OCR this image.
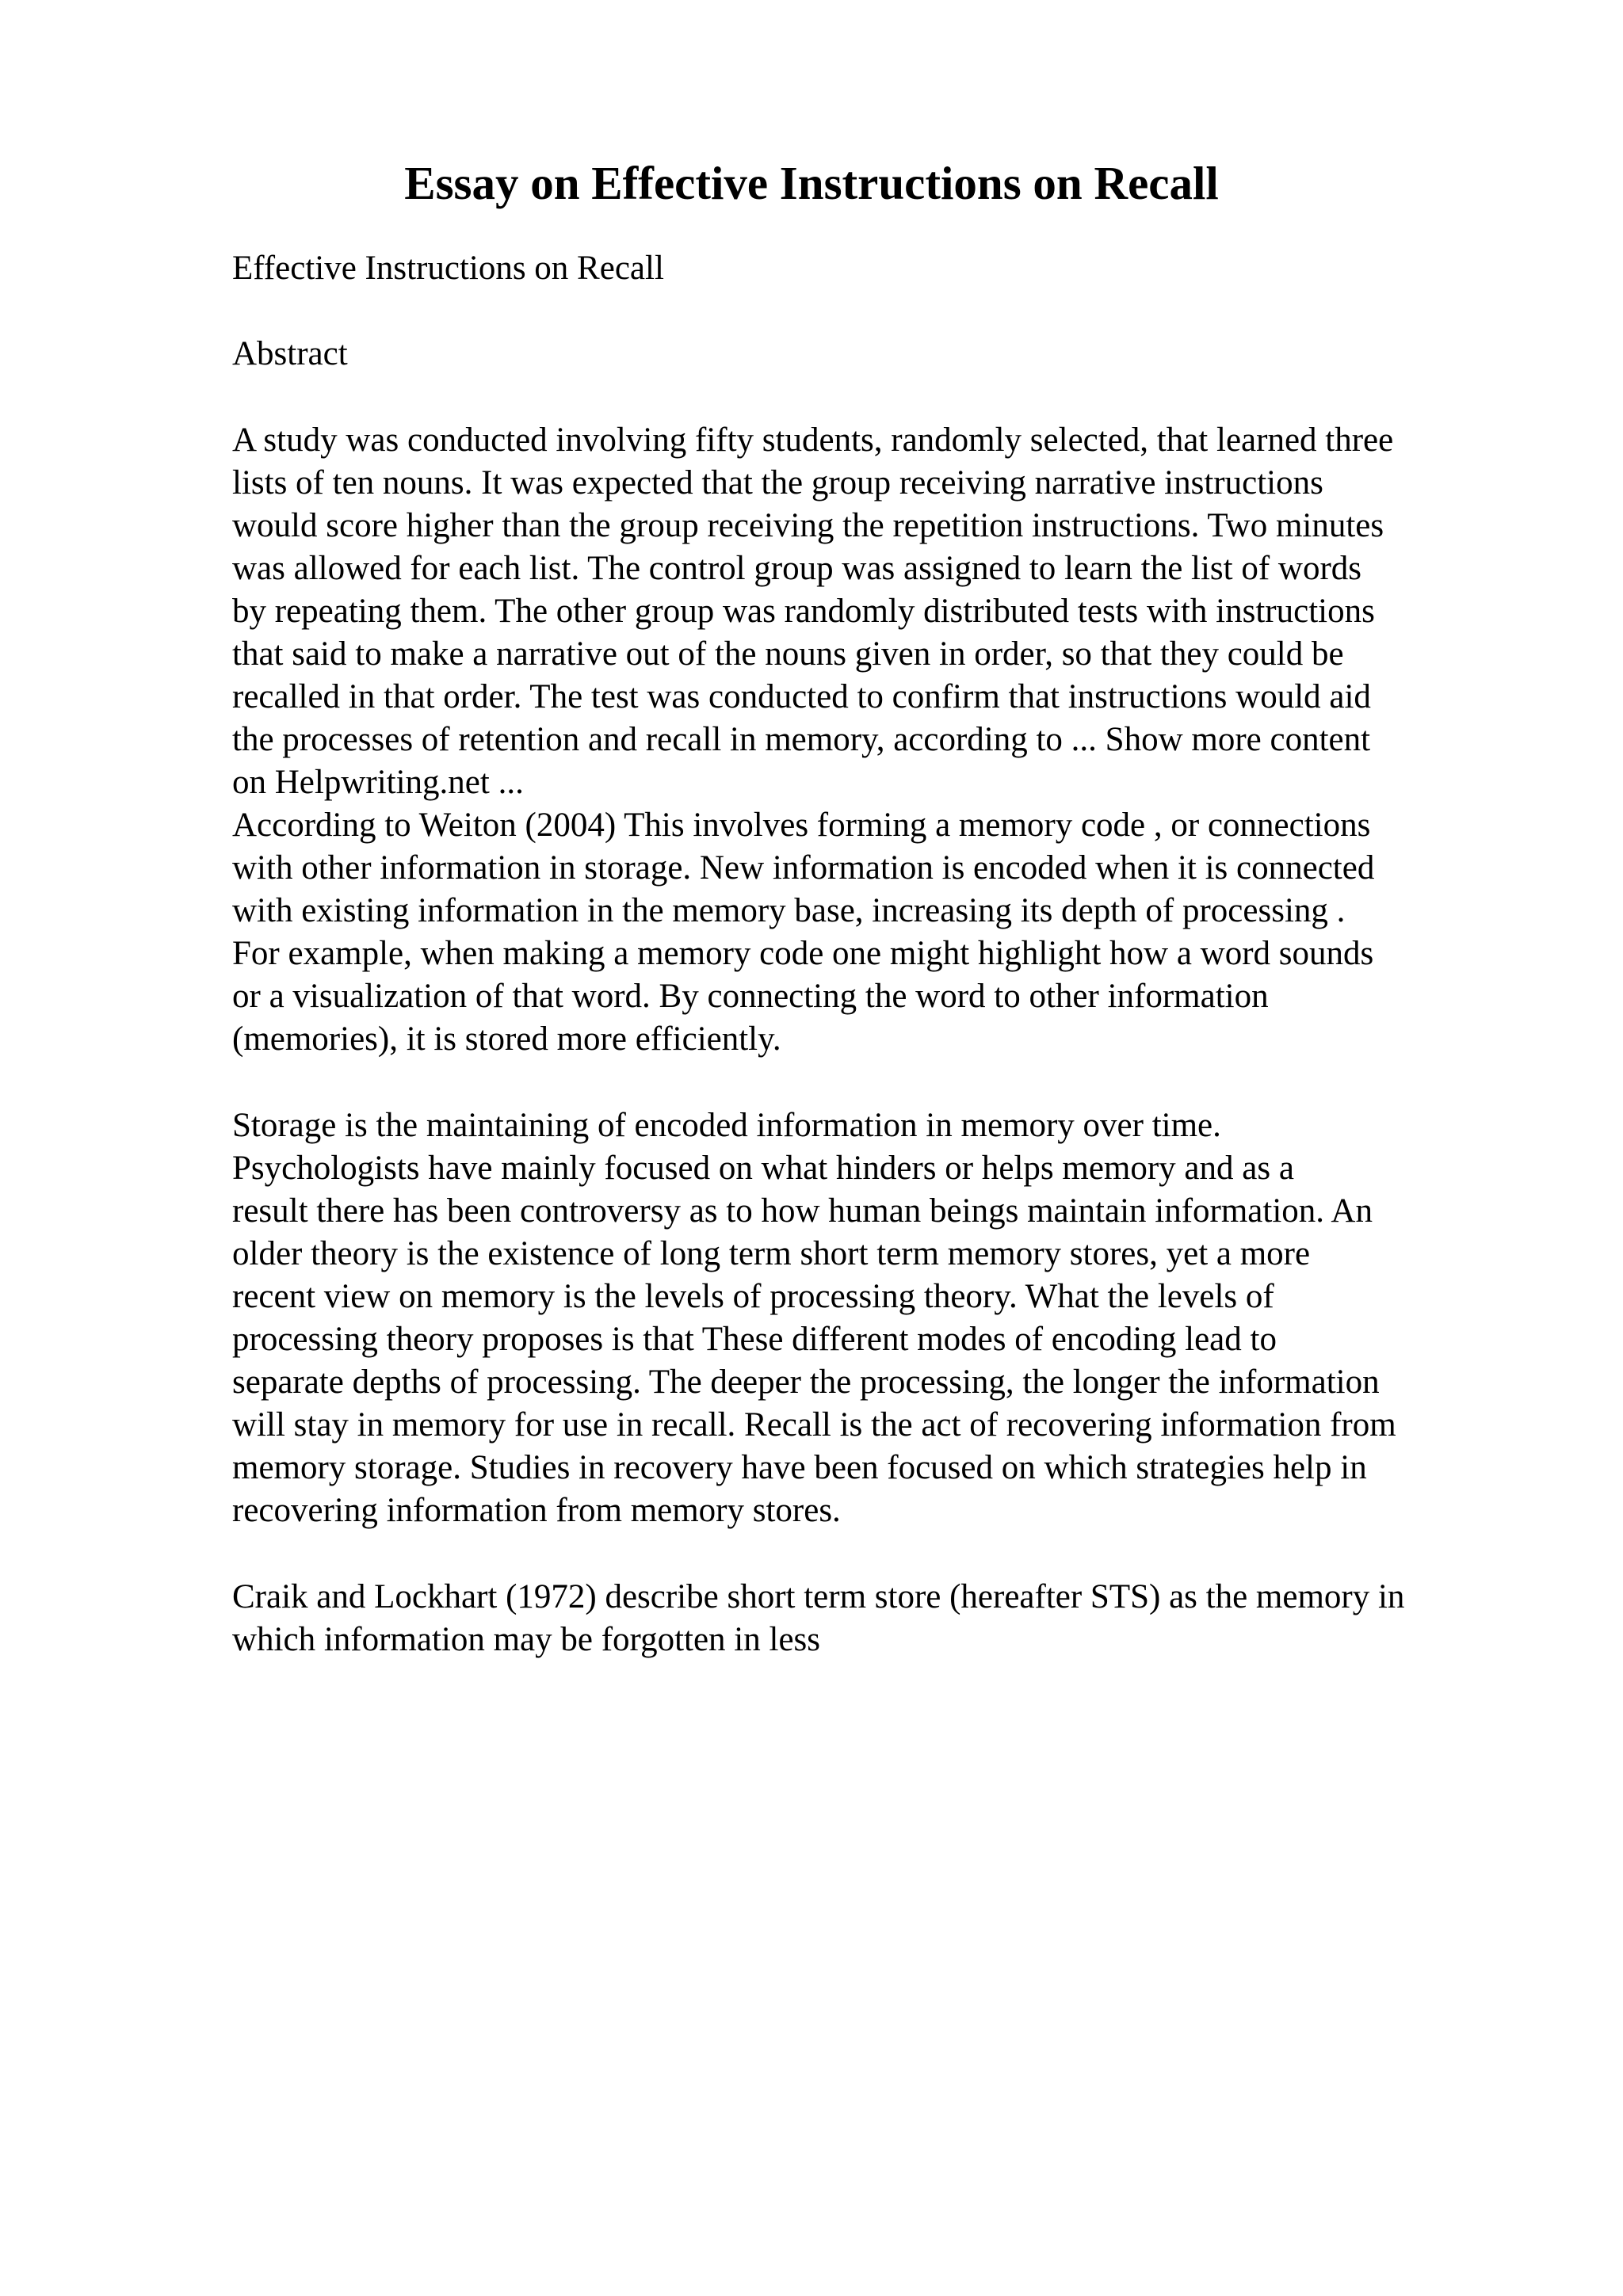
Essay on Effective Instructions on Recall

Effective Instructions on Recall

Abstract

A study was conducted involving fifty students, randomly selected, that learned three

lists of ten nouns. It was expected that the group receiving narrative instructions

would score higher than the group receiving the repetition instructions. Two minutes

was allowed for each list. The control group was assigned to learn the list of words

by repeating them. The other group was randomly distributed tests with instructions

that said to make a narrative out of the nouns given in order, so that they could be

recalled in that order. The test was conducted to confirm that instructions would aid

the processes of retention and recall in memory, according to ... Show more content

on Helpwriting.net ...

According to Weiton (2004) This involves forming a memory code , or connections

with other information in storage. New information is encoded when it is connected

with existing information in the memory base, increasing its depth of processing .

For example, when making a memory code one might highlight how a word sounds

or a visualization of that word. By connecting the word to other information

(memories), it is stored more efficiently.

Storage is the maintaining of encoded information in memory over time.

Psychologists have mainly focused on what hinders or helps memory and as a

result there has been controversy as to how human beings maintain information. An

older theory is the existence of long term short term memory stores, yet a more

recent view on memory is the levels of processing theory. What the levels of

processing theory proposes is that These different modes of encoding lead to

separate depths of processing. The deeper the processing, the longer the information

will stay in memory for use in recall. Recall is the act of recovering information from

memory storage. Studies in recovery have been focused on which strategies help in

recovering information from memory stores.

Craik and Lockhart (1972) describe short term store (hereafter STS) as the memory in

which information may be forgotten in less
